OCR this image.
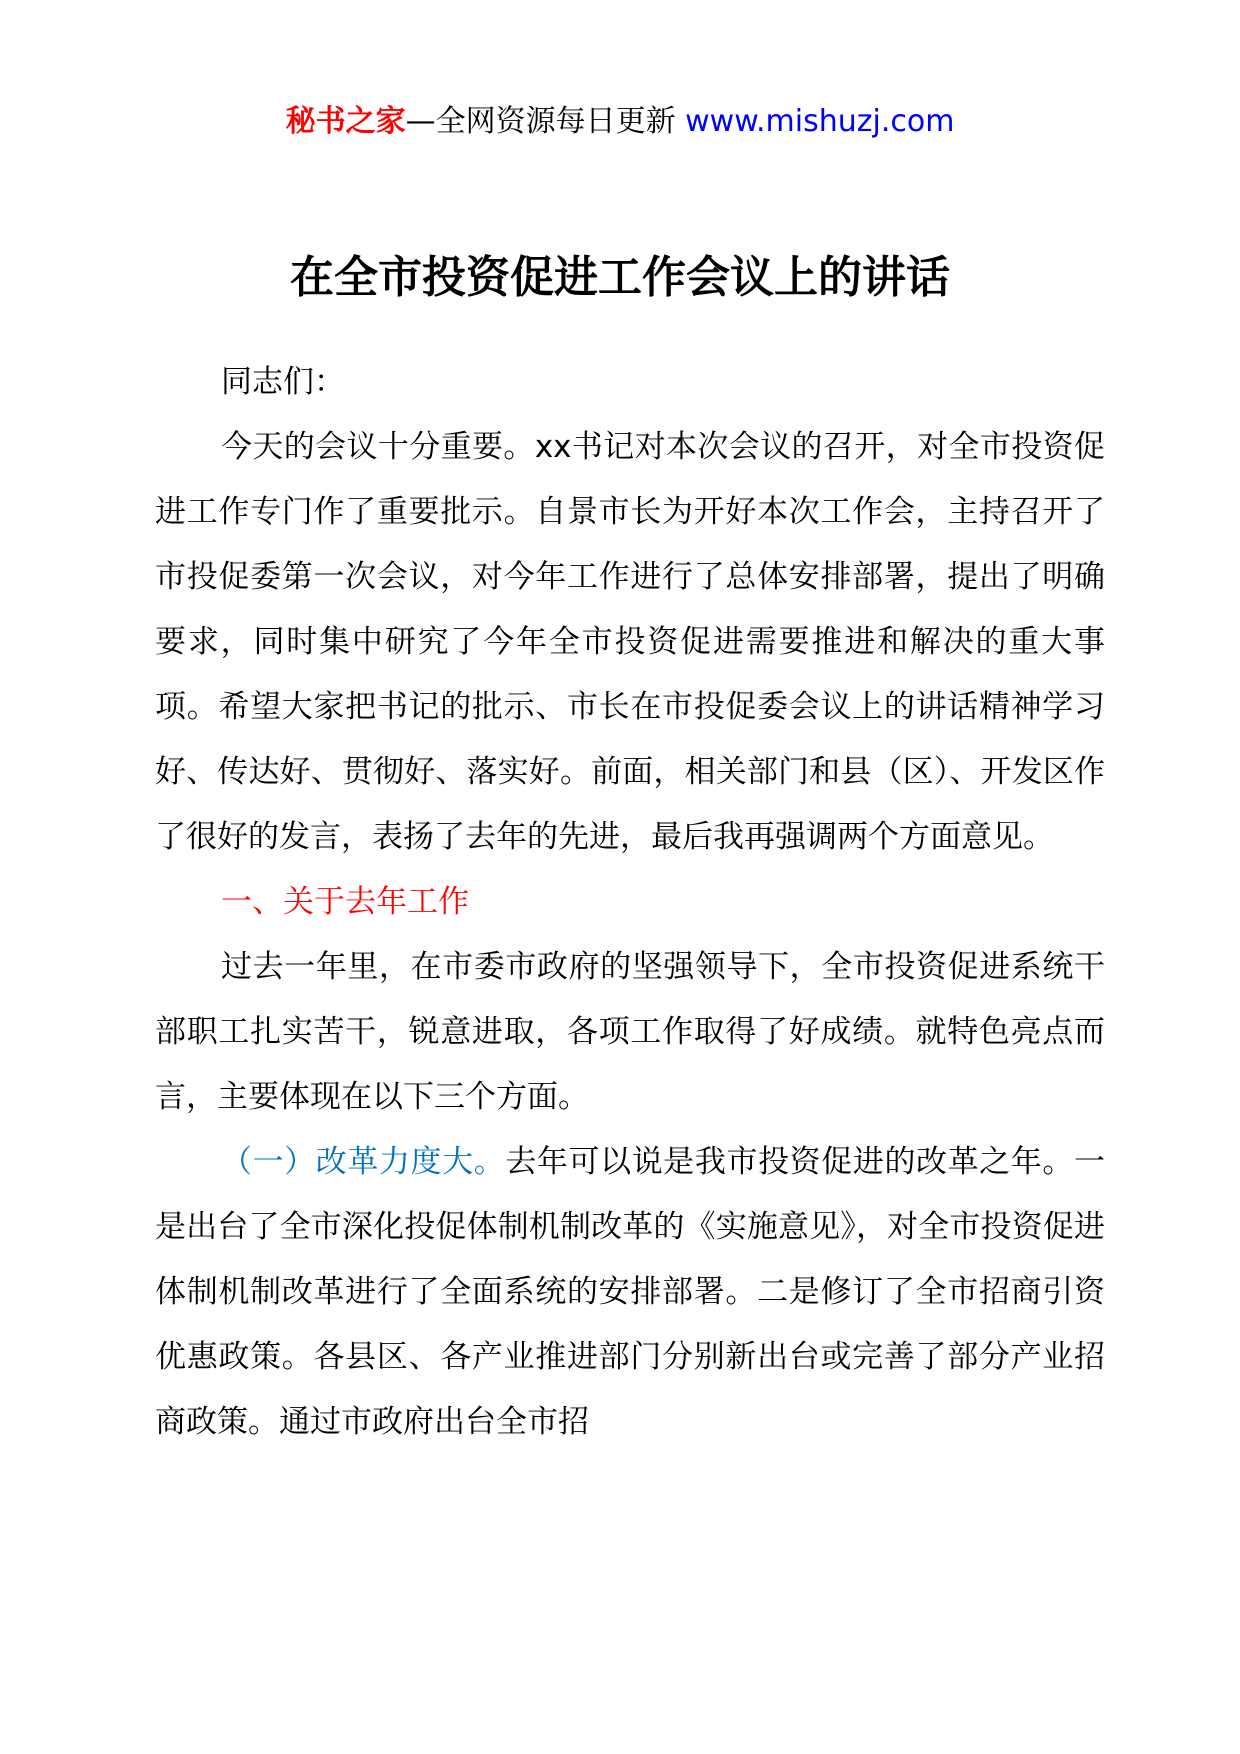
秘书之家—全网资源每日更新 www.mishuzj.com
在全市投资促进工作会议上的讲话

同志们：

今天的会议十分重要。xx书记对本次会议的召开，对全市投资促进工作专门作了重要批示。自景市长为开好本次工作会，主持召开了市投促委第一次会议，对今年工作进行了总体安排部署，提出了明确要求，同时集中研究了今年全市投资促进需要推进和解决的重大事项。希望大家把书记的批示、市长在市投促委会议上的讲话精神学习好、传达好、贯彻好、落实好。前面，相关部门和县（区）、开发区作了很好的发言，表扬了去年的先进，最后我再强调两个方面意见。

一、关于去年工作

过去一年里，在市委市政府的坚强领导下，全市投资促进系统干部职工扎实苦干，锐意进取，各项工作取得了好成绩。就特色亮点而言，主要体现在以下三个方面。

（一）改革力度大。去年可以说是我市投资促进的改革之年。一是出台了全市深化投促体制机制改革的《实施意见》，对全市投资促进体制机制改革进行了全面系统的安排部署。二是修订了全市招商引资优惠政策。各县区、各产业推进部门分别新出台或完善了部分产业招商政策。通过市政府出台全市招
